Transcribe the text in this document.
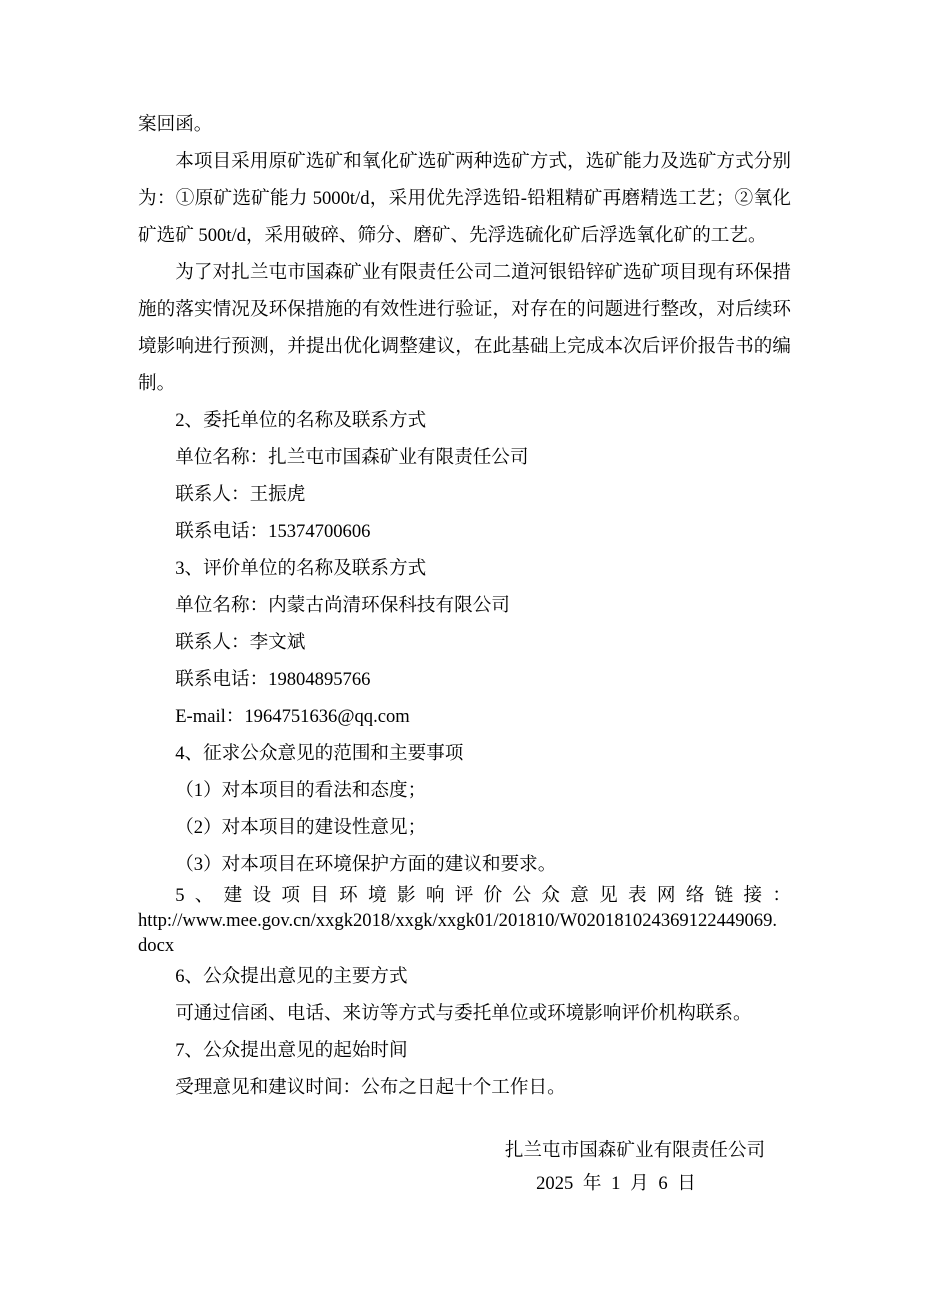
案回函。

本项目采用原矿选矿和氧化矿选矿两种选矿方式，选矿能力及选矿方式分别为：①原矿选矿能力 5000t/d，采用优先浮选铅-铅粗精矿再磨精选工艺；②氧化矿选矿 500t/d，采用破碎、筛分、磨矿、先浮选硫化矿后浮选氧化矿的工艺。

为了对扎兰屯市国森矿业有限责任公司二道河银铅锌矿选矿项目现有环保措施的落实情况及环保措施的有效性进行验证，对存在的问题进行整改，对后续环境影响进行预测，并提出优化调整建议，在此基础上完成本次后评价报告书的编制。

2、委托单位的名称及联系方式

单位名称：扎兰屯市国森矿业有限责任公司

联系人：王振虎

联系电话：15374700606

3、评价单位的名称及联系方式

单位名称：内蒙古尚清环保科技有限公司

联系人：李文斌

联系电话：19804895766

E-mail：1964751636@qq.com

4、征求公众意见的范围和主要事项

（1）对本项目的看法和态度；

（2）对本项目的建设性意见；

（3）对本项目在环境保护方面的建议和要求。

5、建设项目环境影响评价公众意见表网络链接：

http://www.mee.gov.cn/xxgk2018/xxgk/xxgk01/201810/W020181024369122449069.

docx

6、公众提出意见的主要方式

可通过信函、电话、来访等方式与委托单位或环境影响评价机构联系。

7、公众提出意见的起始时间

受理意见和建议时间：公布之日起十个工作日。

扎兰屯市国森矿业有限责任公司
2025 年 1 月 6 日
